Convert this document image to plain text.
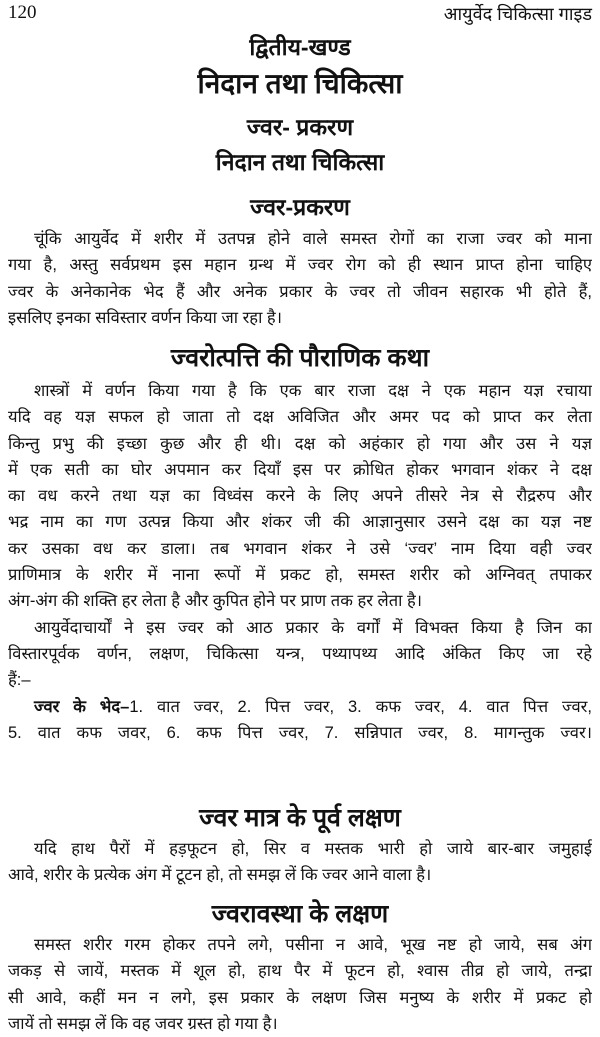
120	आयुर्वेद चिकित्सा गाइड
द्वितीय-खण्ड
निदान तथा चिकित्सा
ज्वर- प्रकरण
निदान तथा चिकित्सा
ज्वर-प्रकरण
चूंकि आयुर्वेद में शरीर में उतपन्न होने वाले समस्त रोगों का राजा ज्वर को माना
गया है, अस्तु सर्वप्रथम इस महान ग्रन्थ में ज्वर रोग को ही स्थान प्राप्त होना चाहिए
ज्वर के अनेकानेक भेद हैं और अनेक प्रकार के ज्वर तो जीवन सहारक भी होते हैं,
इसलिए इनका सविस्तार वर्णन किया जा रहा है।
ज्वरोत्पत्ति की पौराणिक कथा
शास्त्रों में वर्णन किया गया है कि एक बार राजा दक्ष ने एक महान यज्ञ रचाया
यदि वह यज्ञ सफल हो जाता तो दक्ष अविजित और अमर पद को प्राप्त कर लेता
किन्तु प्रभु की इच्छा कुछ और ही थी। दक्ष को अहंकार हो गया और उस ने यज्ञ
में एक सती का घोर अपमान कर दियाँ इस पर क्रोधित होकर भगवान शंकर ने दक्ष
का वध करने तथा यज्ञ का विध्वंस करने के लिए अपने तीसरे नेत्र से रौद्ररुप और
भद्र नाम का गण उत्पन्न किया और शंकर जी की आज्ञानुसार उसने दक्ष का यज्ञ नष्ट
कर उसका वध कर डाला। तब भगवान शंकर ने उसे ‘ज्वर’ नाम दिया वही ज्वर
प्राणिमात्र के शरीर में नाना रूपों में प्रकट हो, समस्त शरीर को अग्निवत् तपाकर
अंग-अंग की शक्ति हर लेता है और कुपित होने पर प्राण तक हर लेता है।
आयुर्वेदाचार्यों ने इस ज्वर को आठ प्रकार के वर्गों में विभक्त किया है जिन का
विस्तारपूर्वक वर्णन, लक्षण, चिकित्सा यन्त्र, पथ्यापथ्य आदि अंकित किए जा रहे
हैं:–
ज्वर के भेद–1. वात ज्वर, 2. पित्त ज्वर, 3. कफ ज्वर, 4. वात पित्त ज्वर,
5. वात कफ जवर, 6. कफ पित्त ज्वर, 7. सन्निपात ज्वर, 8. मागन्तुक ज्वर।
ज्वर मात्र के पूर्व लक्षण
यदि हाथ पैरों में हड़फूटन हो, सिर व मस्तक भारी हो जाये बार-बार जमुहाई
आवे, शरीर के प्रत्येक अंग में टूटन हो, तो समझ लें कि ज्वर आने वाला है।
ज्वरावस्था के लक्षण
समस्त शरीर गरम होकर तपने लगे, पसीना न आवे, भूख नष्ट हो जाये, सब अंग
जकड़ से जायें, मस्तक में शूल हो, हाथ पैर में फूटन हो, श्वास तीव्र हो जाये, तन्द्रा
सी आवे, कहीं मन न लगे, इस प्रकार के लक्षण जिस मनुष्य के शरीर में प्रकट हो
जायें तो समझ लें कि वह जवर ग्रस्त हो गया है।
